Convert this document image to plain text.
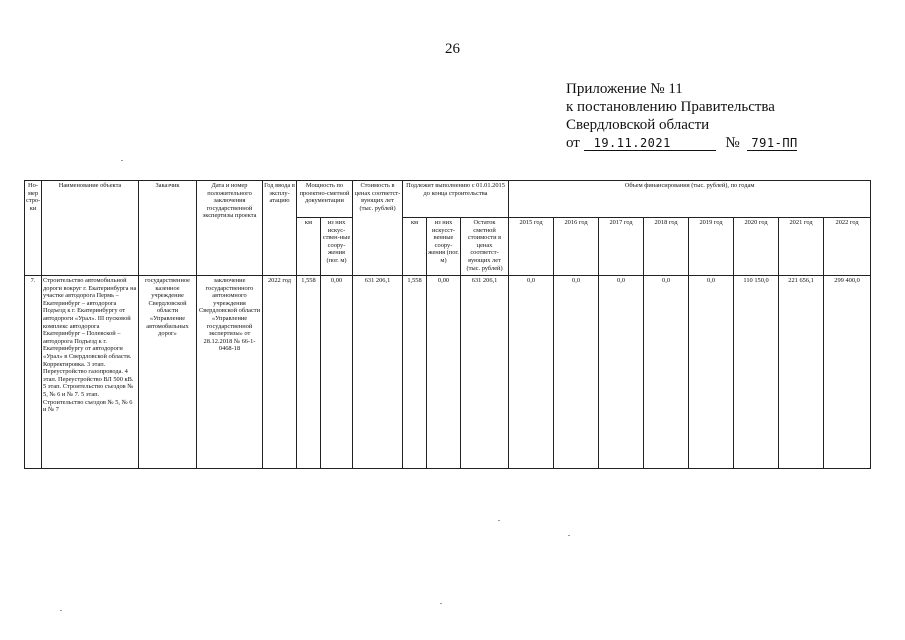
26
Приложение № 11
к постановлению Правительства
Свердловской области
от 19.11.2021	№ 791-ПП
Но-мер стро-ки	Наименование объекта	Заказчик	Дата и номер положительного заключения государственной экспертизы проекта	Год ввода в эксплу-атацию	Мощность по проектно-сметной документации		Стоимость в ценах соответст-вующих лет (тыс. рублей)	Подлежит выполнению с 01.01.2015 до конца строительства			Объем финансирования (тыс. рублей), по годам							
					км	из них искус-ствен-ные соору-жения (пог. м)		км	из них искусст-венные соору-жения (пог. м)	Остаток сметной стоимости в ценах соответст-вующих лет (тыс. рублей)	2015 год	2016 год	2017 год	2018 год	2019 год	2020 год	2021 год	2022 год
7.	Строительство автомобильной дороги вокруг г. Екатеринбурга на участке автодорога Пермь – Екатеринбург – автодорога Подъезд к г. Екатеринбургу от автодороги «Урал». III пусковой комплекс автодорога Екатеринбург – Полевской – автодорога Подъезд к г. Екатеринбургу от автодороги «Урал» в Свердловской области. Корректировка. 3 этап. Переустройство газопровода. 4 этап. Переустройство ВЛ 500 кВ. 5 этап. Строительство съездов № 5, № 6 и № 7. 5 этап. Строительство съездов № 5, № 6 и № 7	государственное казенное учреждение Свердловской области «Управление автомобильных дорог»	заключение государственного автономного учреждения Свердловской области «Управление государственной экспертизы» от 28.12.2018 № 66-1-0468-18	2022 год	1,558	0,00	631 206,1	1,558	0,00	631 206,1	0,0	0,0	0,0	0,0	0,0	110 150,0	221 656,1	299 400,0
